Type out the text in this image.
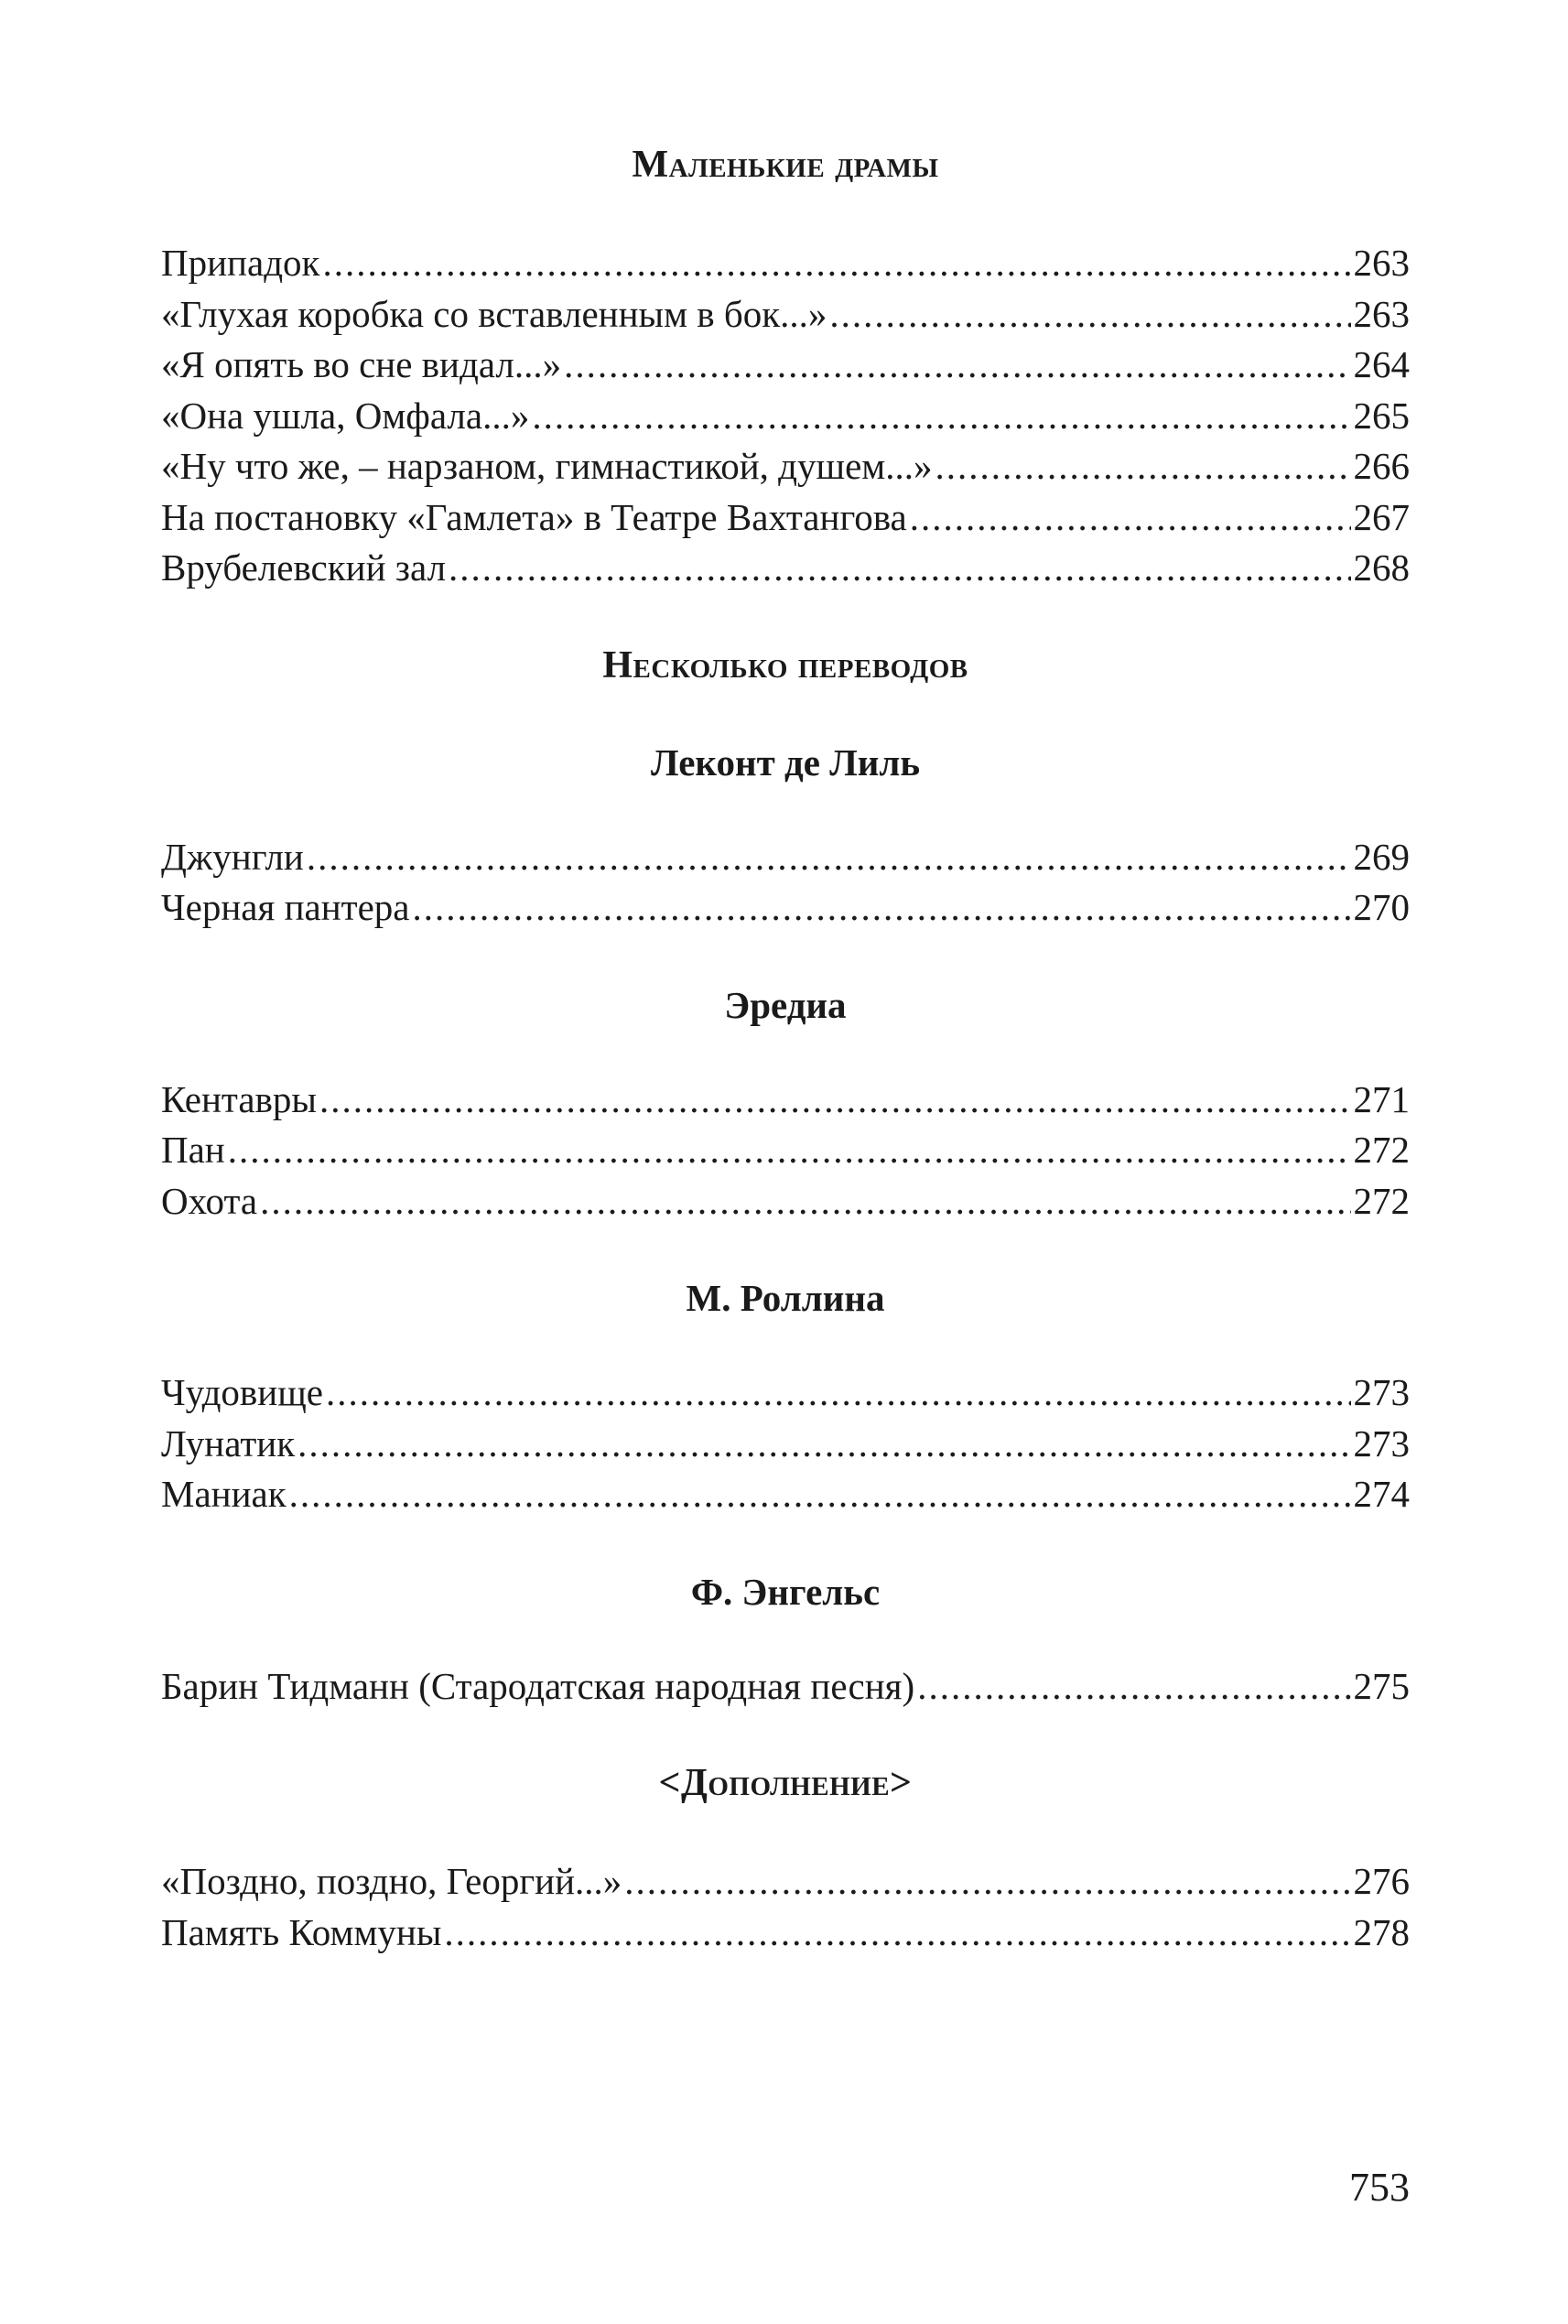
Маленькие драмы
Припадок .....	263
«Глухая коробка со вставленным в бок...» .....	263
«Я опять во сне видал...» .....	264
«Она ушла, Омфала...» .....	265
«Ну что же, – нарзаном, гимнастикой, душем...» .....	266
На постановку «Гамлета» в Театре Вахтангова .....	267
Врубелевский зал .....	268
Несколько переводов
Леконт де Лиль
Джунгли .....	269
Черная пантера .....	270
Эредиа
Кентавры .....	271
Пан .....	272
Охота .....	272
М. Роллина
Чудовище .....	273
Лунатик .....	273
Маниак .....	274
Ф. Энгельс
Барин Тидманн (Стародатская народная песня) .....	275
<Дополнение>
«Поздно, поздно, Георгий...» .....	276
Память Коммуны .....	278
753
